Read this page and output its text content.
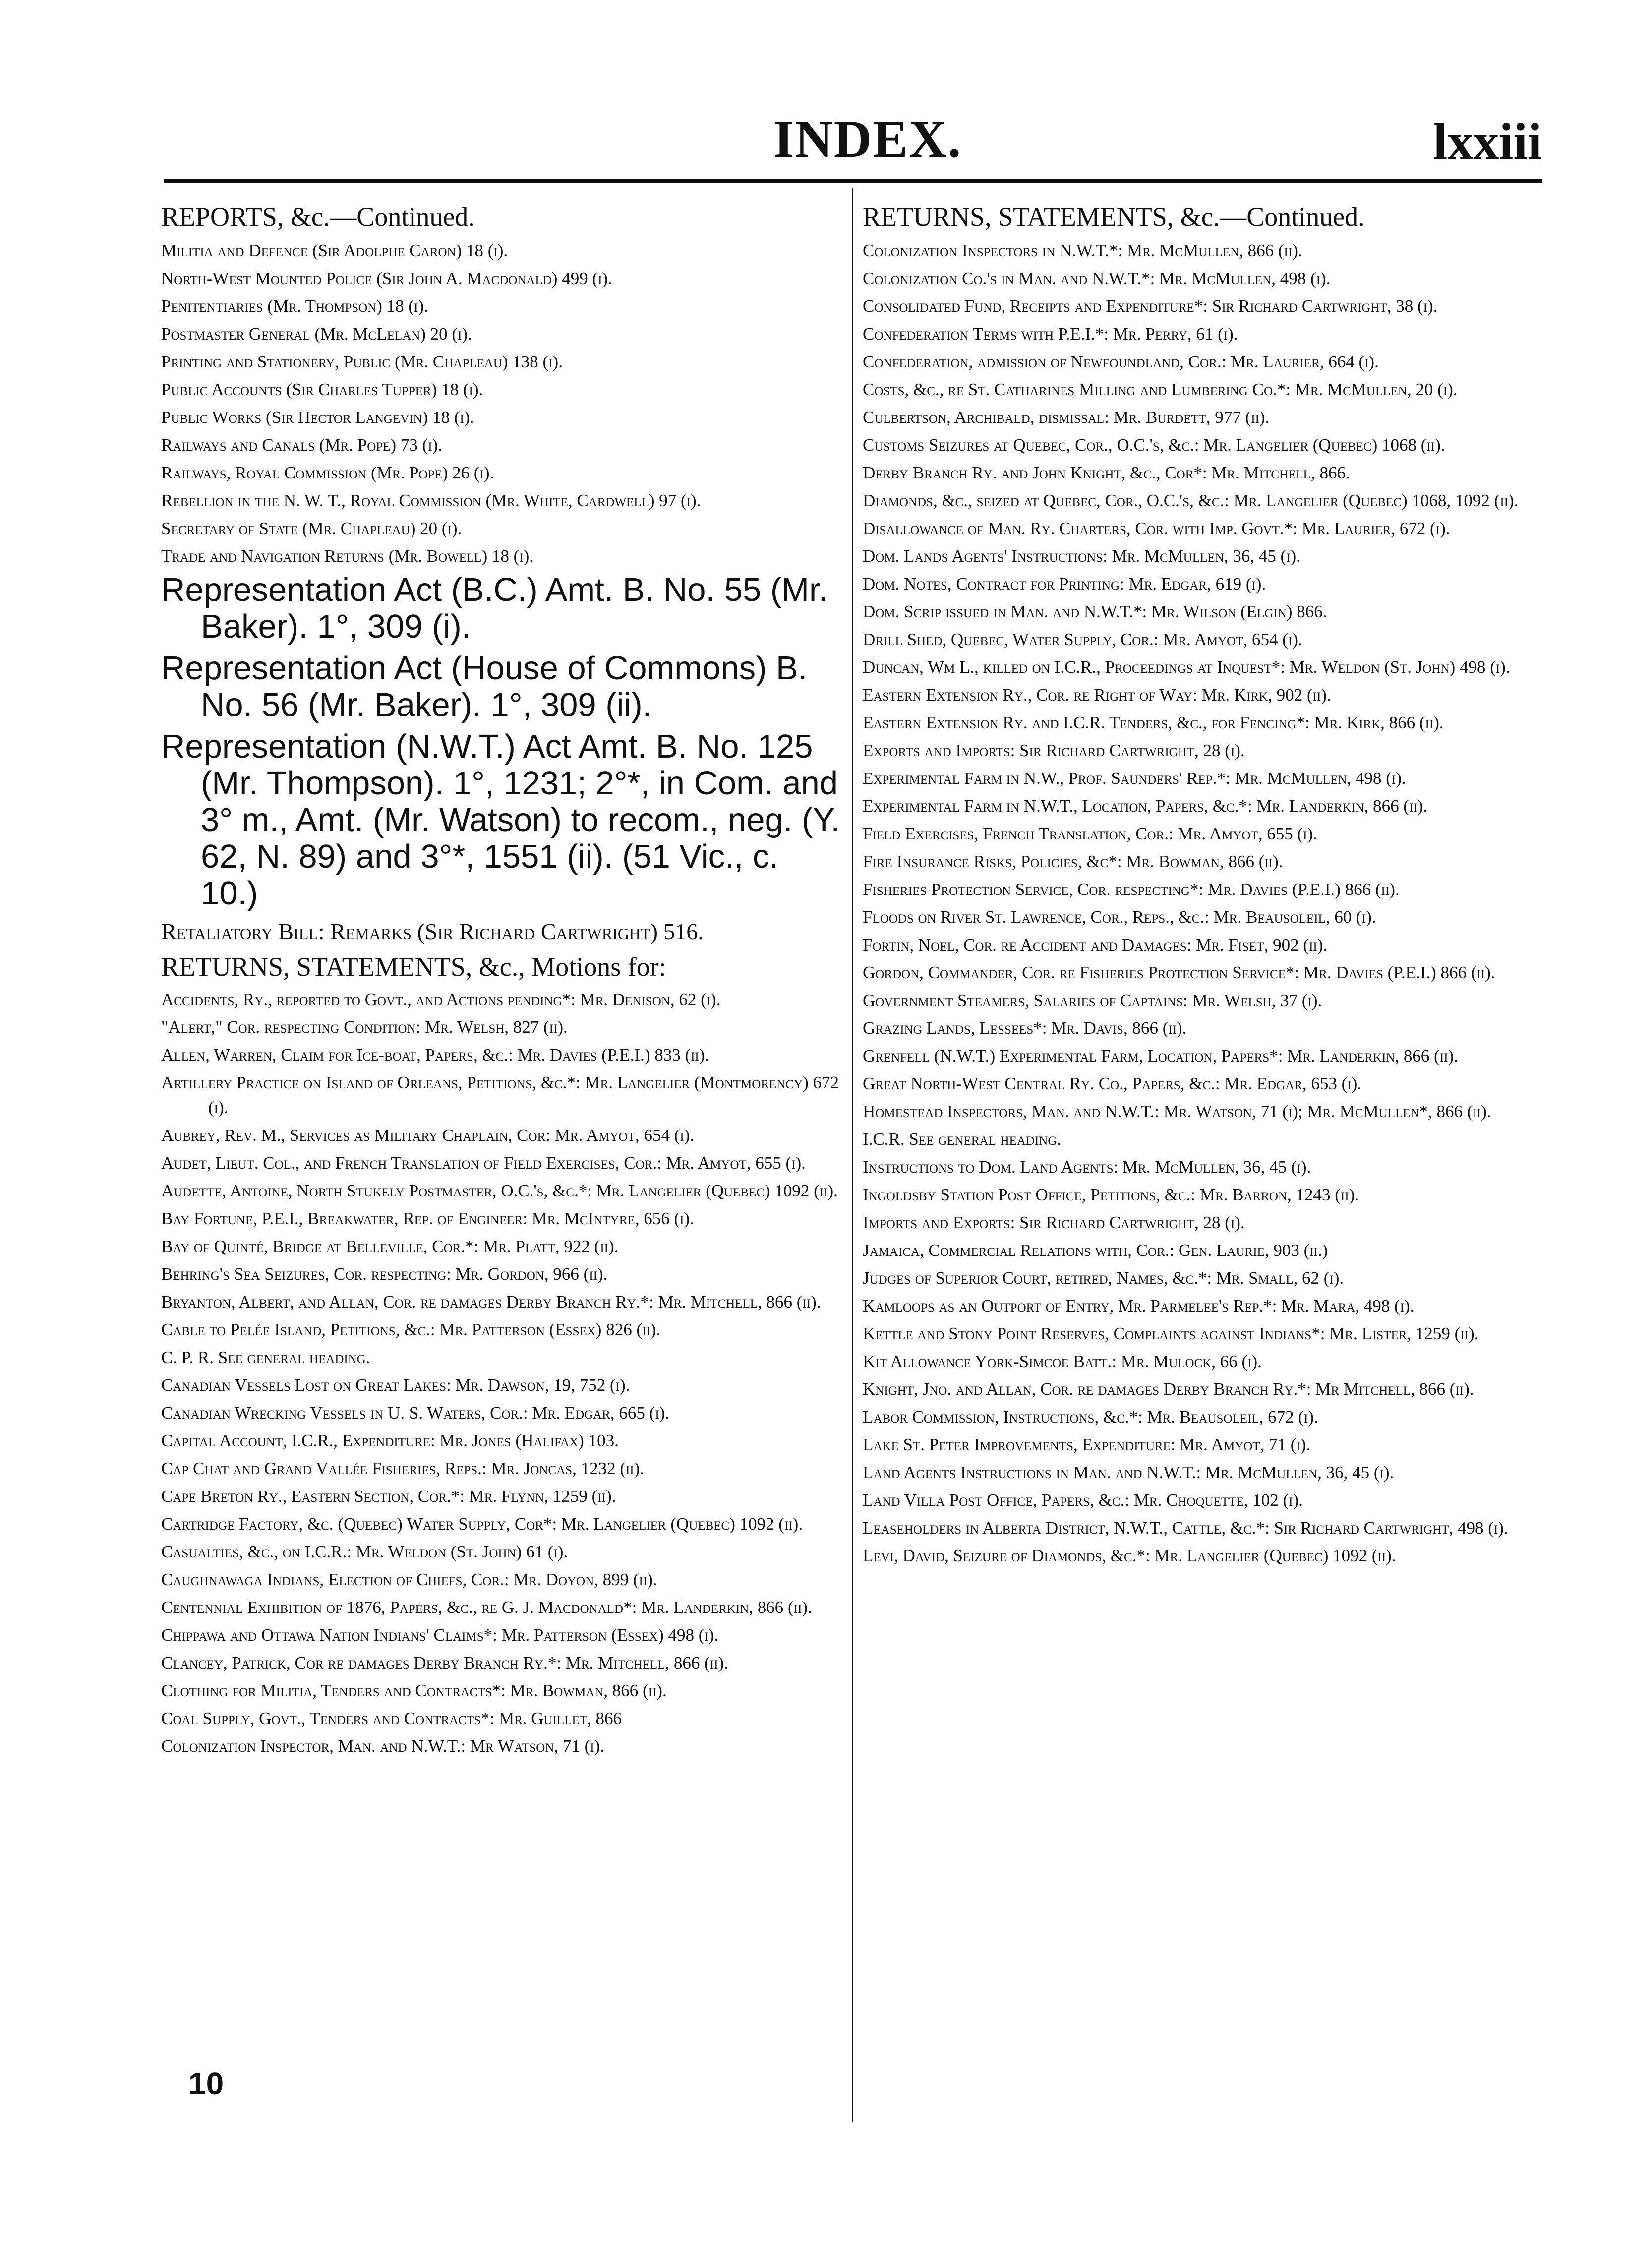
INDEX.	lxxiii
REPORTS, &c.—Continued.
Militia and Defence (Sir Adolphe Caron) 18 (i).
North-West Mounted Police (Sir John A. Macdonald) 499 (i).
Penitentiaries (Mr. Thompson) 18 (i).
Postmaster General (Mr. McLelan) 20 (i).
Printing and Stationery, Public (Mr. Chapleau) 138 (i).
Public Accounts (Sir Charles Tupper) 18 (i).
Public Works (Sir Hector Langevin) 18 (i).
Railways and Canals (Mr. Pope) 73 (i).
Railways, Royal Commission (Mr. Pope) 26 (i).
Rebellion in the N. W. T., Royal Commission (Mr. White, Cardwell) 97 (i).
Secretary of State (Mr. Chapleau) 20 (i).
Trade and Navigation Returns (Mr. Bowell) 18 (i).
Representation Act (B.C.) Amt. B. No. 55 (Mr. Baker). 1°, 309 (i).
Representation Act (House of Commons) B. No. 56 (Mr. Baker). 1°, 309 (ii).
Representation (N.W.T.) Act Amt. B. No. 125 (Mr. Thompson). 1°, 1231; 2°*, in Com. and 3° m., Amt. (Mr. Watson) to recom., neg. (Y. 62, N. 89) and 3°*, 1551 (ii). (51 Vic., c. 10.)
Retaliatory Bill: Remarks (Sir Richard Cartwright) 516.
RETURNS, STATEMENTS, &c., Motions for:
Accidents, Ry., reported to Govt., and Actions pending*: Mr. Denison, 62 (i).
"Alert," Cor. respecting Condition: Mr. Welsh, 827 (ii).
Allen, Warren, Claim for Ice-boat, Papers, &c.: Mr. Davies (P.E.I.) 833 (ii).
Artillery Practice on Island of Orleans, Petitions, &c.*: Mr. Langelier (Montmorency) 672 (i).
Aubrey, Rev. M., Services as Military Chaplain, Cor: Mr. Amyot, 654 (i).
Audet, Lieut. Col., and French Translation of Field Exercises, Cor.: Mr. Amyot, 655 (i).
Audette, Antoine, North Stukely Postmaster, O.C.'s, &c.*: Mr. Langelier (Quebec) 1092 (ii).
Bay Fortune, P.E.I., Breakwater, Rep. of Engineer: Mr. McIntyre, 656 (i).
Bay of Quinté, Bridge at Belleville, Cor.*: Mr. Platt, 922 (ii).
Behring's Sea Seizures, Cor. respecting: Mr. Gordon, 966 (ii).
Bryanton, Albert, and Allan, Cor. re damages Derby Branch Ry.*: Mr. Mitchell, 866 (ii).
Cable to Pelée Island, Petitions, &c.: Mr. Patterson (Essex) 826 (ii).
C. P. R. See general heading.
Canadian Vessels Lost on Great Lakes: Mr. Dawson, 19, 752 (i).
Canadian Wrecking Vessels in U. S. Waters, Cor.: Mr. Edgar, 665 (i).
Capital Account, I.C.R., Expenditure: Mr. Jones (Halifax) 103.
Cap Chat and Grand Vallée Fisheries, Reps.: Mr. Joncas, 1232 (ii).
Cape Breton Ry., Eastern Section, Cor.*: Mr. Flynn, 1259 (ii).
Cartridge Factory, &c. (Quebec) Water Supply, Cor*: Mr. Langelier (Quebec) 1092 (ii).
Casualties, &c., on I.C.R.: Mr. Weldon (St. John) 61 (i).
Caughnawaga Indians, Election of Chiefs, Cor.: Mr. Doyon, 899 (ii).
Centennial Exhibition of 1876, Papers, &c., re G. J. Macdonald*: Mr. Landerkin, 866 (ii).
Chippawa and Ottawa Nation Indians' Claims*: Mr. Patterson (Essex) 498 (i).
Clancey, Patrick, Cor re damages Derby Branch Ry.*: Mr. Mitchell, 866 (ii).
Clothing for Militia, Tenders and Contracts*: Mr. Bowman, 866 (ii).
Coal Supply, Govt., Tenders and Contracts*: Mr. Guillet, 866
Colonization Inspector, Man. and N.W.T.: Mr Watson, 71 (i).
RETURNS, STATEMENTS, &c.—Continued.
Colonization Inspectors in N.W.T.*: Mr. McMullen, 866 (ii).
Colonization Co.'s in Man. and N.W.T.*: Mr. McMullen, 498 (i).
Consolidated Fund, Receipts and Expenditure*: Sir Richard Cartwright, 38 (i).
Confederation Terms with P.E.I.*: Mr. Perry, 61 (i).
Confederation, admission of Newfoundland, Cor.: Mr. Laurier, 664 (i).
Costs, &c., re St. Catharines Milling and Lumbering Co.*: Mr. McMullen, 20 (i).
Culbertson, Archibald, dismissal: Mr. Burdett, 977 (ii).
Customs Seizures at Quebec, Cor., O.C.'s, &c.: Mr. Langelier (Quebec) 1068 (ii).
Derby Branch Ry. and John Knight, &c., Cor*: Mr. Mitchell, 866.
Diamonds, &c., seized at Quebec, Cor., O.C.'s, &c.: Mr. Langelier (Quebec) 1068, 1092 (ii).
Disallowance of Man. Ry. Charters, Cor. with Imp. Govt.*: Mr. Laurier, 672 (i).
Dom. Lands Agents' Instructions: Mr. McMullen, 36, 45 (i).
Dom. Notes, Contract for Printing: Mr. Edgar, 619 (i).
Dom. Scrip issued in Man. and N.W.T.*: Mr. Wilson (Elgin) 866.
Drill Shed, Quebec, Water Supply, Cor.: Mr. Amyot, 654 (i).
Duncan, Wm L., killed on I.C.R., Proceedings at Inquest*: Mr. Weldon (St. John) 498 (i).
Eastern Extension Ry., Cor. re Right of Way: Mr. Kirk, 902 (ii).
Eastern Extension Ry. and I.C.R. Tenders, &c., for Fencing*: Mr. Kirk, 866 (ii).
Exports and Imports: Sir Richard Cartwright, 28 (i).
Experimental Farm in N.W., Prof. Saunders' Rep.*: Mr. McMullen, 498 (i).
Experimental Farm in N.W.T., Location, Papers, &c.*: Mr. Landerkin, 866 (ii).
Field Exercises, French Translation, Cor.: Mr. Amyot, 655 (i).
Fire Insurance Risks, Policies, &c*: Mr. Bowman, 866 (ii).
Fisheries Protection Service, Cor. respecting*: Mr. Davies (P.E.I.) 866 (ii).
Floods on River St. Lawrence, Cor., Reps., &c.: Mr. Beausoleil, 60 (i).
Fortin, Noel, Cor. re Accident and Damages: Mr. Fiset, 902 (ii).
Gordon, Commander, Cor. re Fisheries Protection Service*: Mr. Davies (P.E.I.) 866 (ii).
Government Steamers, Salaries of Captains: Mr. Welsh, 37 (i).
Grazing Lands, Lessees*: Mr. Davis, 866 (ii).
Grenfell (N.W.T.) Experimental Farm, Location, Papers*: Mr. Landerkin, 866 (ii).
Great North-West Central Ry. Co., Papers, &c.: Mr. Edgar, 653 (i).
Homestead Inspectors, Man. and N.W.T.: Mr. Watson, 71 (i); Mr. McMullen*, 866 (ii).
I.C.R. See general heading.
Instructions to Dom. Land Agents: Mr. McMullen, 36, 45 (i).
Ingoldsby Station Post Office, Petitions, &c.: Mr. Barron, 1243 (ii).
Imports and Exports: Sir Richard Cartwright, 28 (i).
Jamaica, Commercial Relations with, Cor.: Gen. Laurie, 903 (ii.)
Judges of Superior Court, retired, Names, &c.*: Mr. Small, 62 (i).
Kamloops as an Outport of Entry, Mr. Parmelee's Rep.*: Mr. Mara, 498 (i).
Kettle and Stony Point Reserves, Complaints against Indians*: Mr. Lister, 1259 (ii).
Kit Allowance York-Simcoe Batt.: Mr. Mulock, 66 (i).
Knight, Jno. and Allan, Cor. re damages Derby Branch Ry.*: Mr Mitchell, 866 (ii).
Labor Commission, Instructions, &c.*: Mr. Beausoleil, 672 (i).
Lake St. Peter Improvements, Expenditure: Mr. Amyot, 71 (i).
Land Agents Instructions in Man. and N.W.T.: Mr. McMullen, 36, 45 (i).
Land Villa Post Office, Papers, &c.: Mr. Choquette, 102 (i).
Leaseholders in Alberta District, N.W.T., Cattle, &c.*: Sir Richard Cartwright, 498 (i).
Levi, David, Seizure of Diamonds, &c.*: Mr. Langelier (Quebec) 1092 (ii).
10
